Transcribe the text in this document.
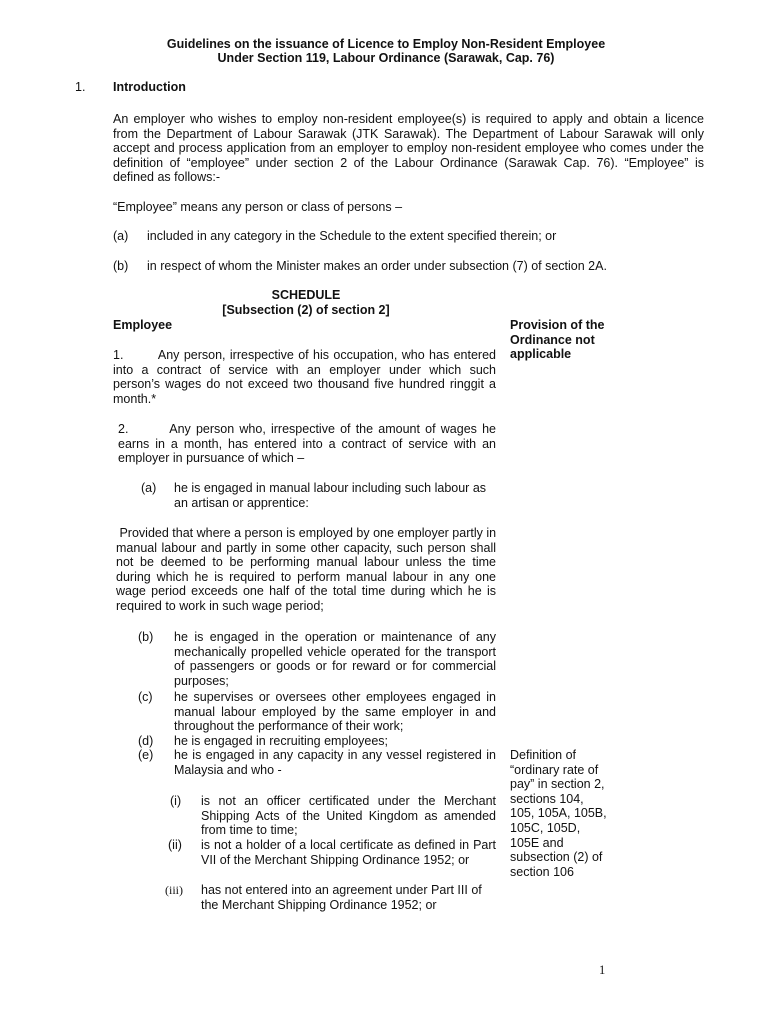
Guidelines on the issuance of Licence to Employ Non-Resident Employee
Under Section 119, Labour Ordinance (Sarawak, Cap. 76)
1. Introduction
An employer who wishes to employ non-resident employee(s) is required to apply and obtain a licence
from the Department of Labour Sarawak (JTK Sarawak). The Department of Labour Sarawak will only
accept and process application from an employer to employ non-resident employee who comes under the
definition of “employee” under section 2 of the Labour Ordinance (Sarawak Cap. 76). “Employee” is
defined as follows:-
“Employee” means any person or class of persons –
(a) included in any category in the Schedule to the extent specified therein; or
(b) in respect of whom the Minister makes an order under subsection (7) of section 2A.
SCHEDULE
[Subsection (2) of section 2]
Employee	Provision of the
Ordinance not
applicable
1.        Any person, irrespective of his occupation, who has entered
into a contract of service with an employer under which such
person’s wages do not exceed two thousand five hundred ringgit a
month.*
2.        Any person who, irrespective of the amount of wages he
earns in a month, has entered into a contract of service with an
employer in pursuance of which –
(a) he is engaged in manual labour including such labour as
an artisan or apprentice:
Provided that where a person is employed by one employer partly in
manual labour and partly in some other capacity, such person shall
not be deemed to be performing manual labour unless the time
during which he is required to perform manual labour in any one
wage period exceeds one half of the total time during which he is
required to work in such wage period;
(b) he is engaged in the operation or maintenance of any
mechanically propelled vehicle operated for the transport
of passengers or goods or for reward or for commercial
purposes;
(c) he supervises or oversees other employees engaged in
manual labour employed by the same employer in and
throughout the performance of their work;
(d) he is engaged in recruiting employees;
(e) he is engaged in any capacity in any vessel registered in
Malaysia and who -
(i) is not an officer certificated under the Merchant
Shipping Acts of the United Kingdom as amended
from time to time;
(ii) is not a holder of a local certificate as defined in Part
VII of the Merchant Shipping Ordinance 1952; or
(iii) has not entered into an agreement under Part III of
the Merchant Shipping Ordinance 1952; or
Definition of
“ordinary rate of
pay” in section 2,
sections 104,
105, 105A, 105B,
105C, 105D,
105E and
subsection (2) of
section 106
1
